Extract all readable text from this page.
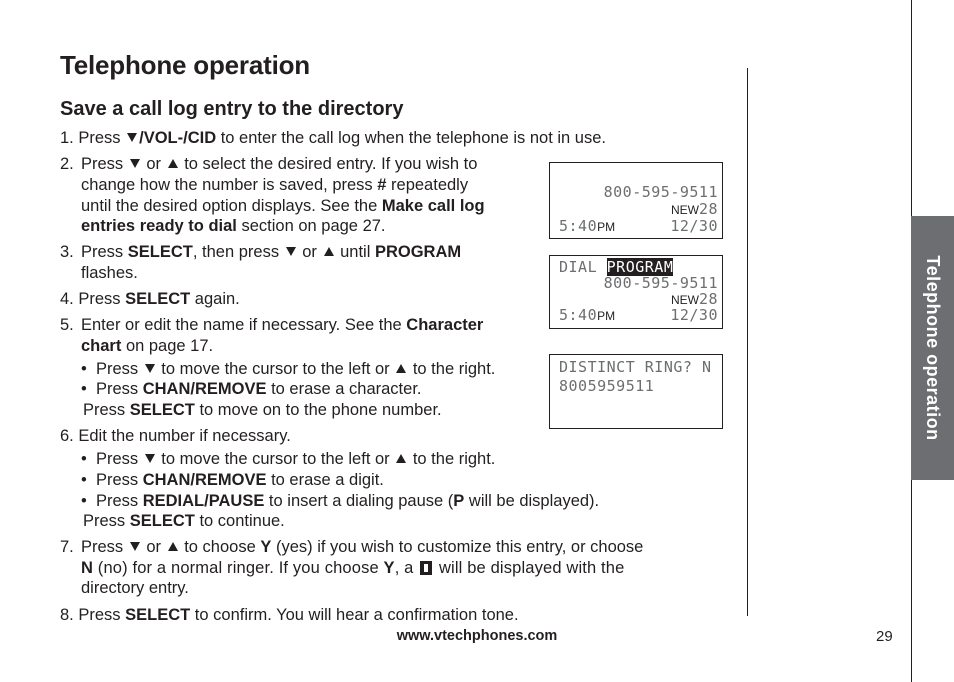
Telephone operation
Save a call log entry to the directory
1. Press /VOL-/CID to enter the call log when the telephone is not in use.
2. Press  or  to select the desired entry. If you wish to
change how the number is saved, press # repeatedly
until the desired option displays. See the Make call log
entries ready to dial section on page 27.
3. Press SELECT, then press  or  until PROGRAM
flashes.
4. Press SELECT again.
5. Enter or edit the name if necessary. See the Character
chart on page 17.
•  Press  to move the cursor to the left or  to the right.
•  Press CHAN/REMOVE to erase a character.
Press SELECT to move on to the phone number.
6. Edit the number if necessary.
•  Press  to move the cursor to the left or  to the right.
•  Press CHAN/REMOVE to erase a digit.
•  Press REDIAL/PAUSE to insert a dialing pause (P will be displayed).
Press SELECT to continue.
7. Press  or  to choose Y (yes) if you wish to customize this entry, or choose
N (no) for a normal ringer. If you choose Y, a  will be displayed with the
directory entry.
8. Press SELECT to confirm. You will hear a confirmation tone.
800-595-9511
NEW28
5:40PM	12/30
DIAL PROGRAM
800-595-9511
NEW28
5:40PM	12/30
DISTINCT RING? N
8005959511	Telephone operation
www.vtechphones.com	29
